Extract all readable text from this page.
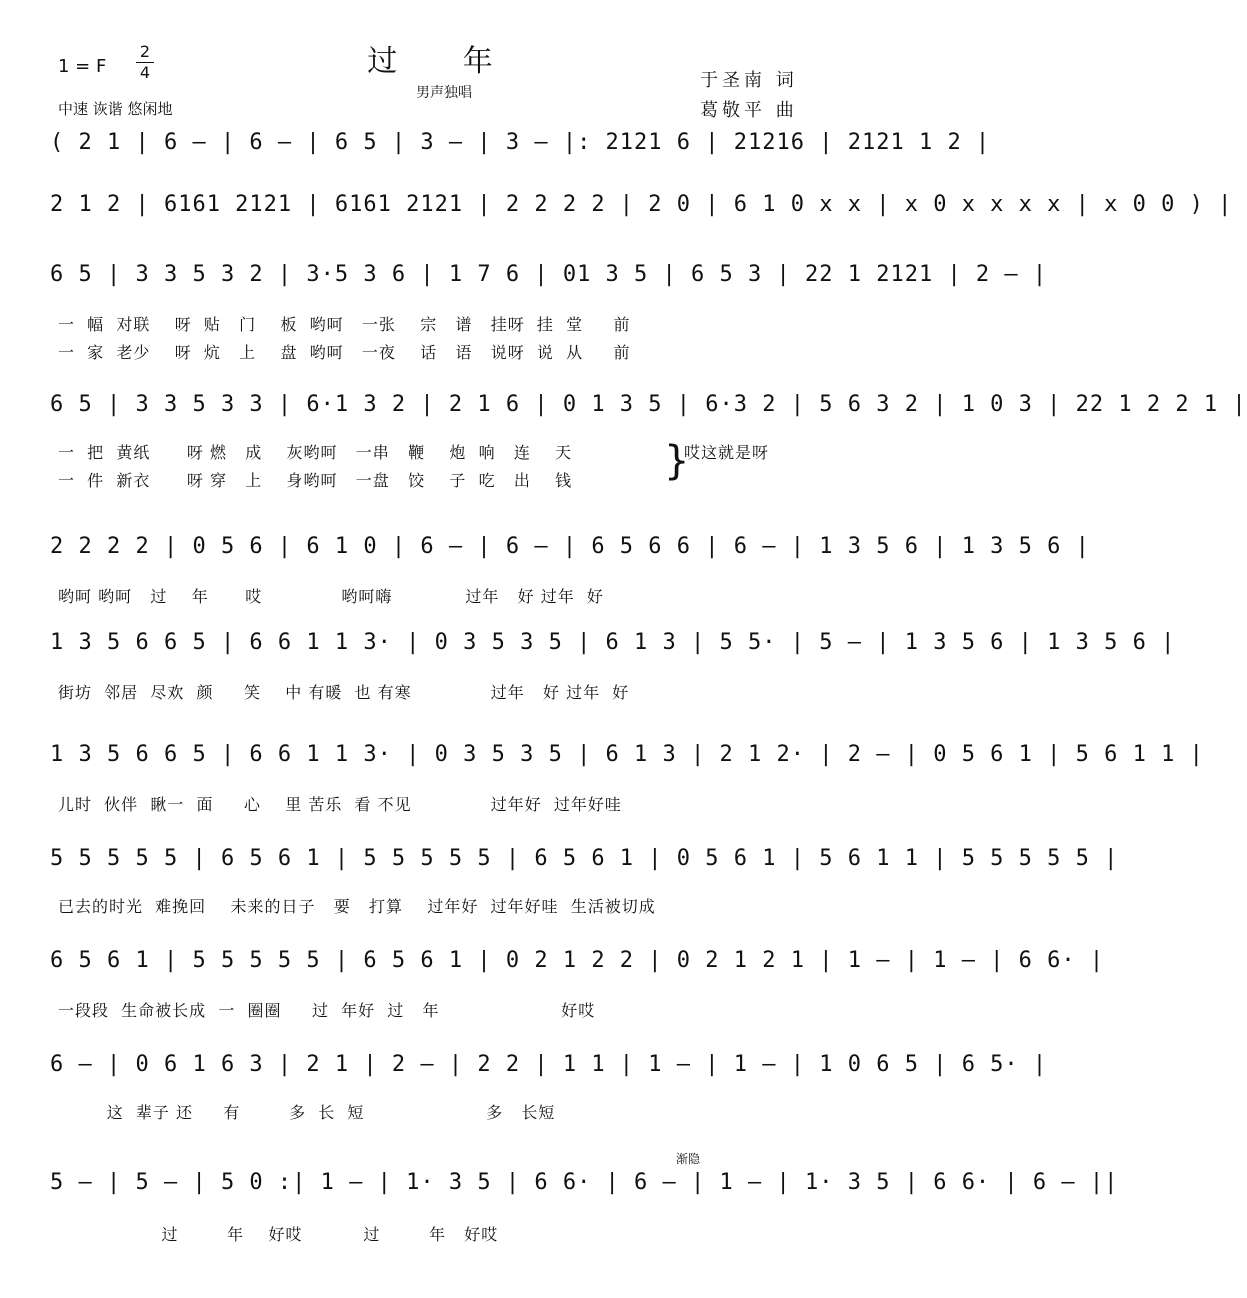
过 年
男声独唱
1 = F
2
4
中速 诙谐 悠闲地
于圣南 词
葛敬平 曲
( 2 1 | 6 — | 6 — | 6 5 | 3 — | 3 — |: 2121 6 | 21216 | 2121 1 2 |
2 1 2 | 6161 2121 | 6161 2121 | 2 2 2 2 | 2 0 | 6 1 0 x x | x 0 x x x x | x 0 0 ) |
6 5 | 3 3 5 3 2 | 3·5 3 6 | 1 7 6 | 01 3 5 | 6 5 3 | 22 1 2121 | 2 — |
一  幅  对联    呀  贴   门    板  哟呵   一张    宗   谱   挂呀  挂  堂     前
一  家  老少    呀  炕   上    盘  哟呵   一夜    话   语   说呀  说  从     前
6 5 | 3 3 5 3 3 | 6·1 3 2 | 2 1 6 | 0 1 3 5 | 6·3 2 | 5 6 3 2 | 1 0 3 | 22 1 2 2 1 |
一  把  黄纸      呀 燃   成    灰哟呵   一串   鞭    炮  响   连    天
一  件  新衣      呀 穿   上    身哟呵   一盘   饺    子  吃   出    钱
2 2 2 2 | 0 5 6 | 6 1 0 | 6 — | 6 — | 6 5 6 6 | 6 — | 1 3 5 6 | 1 3 5 6 |
哟呵 哟呵   过    年      哎             哟呵嗨            过年   好 过年  好
1 3 5 6 6 5 | 6 6 1 1 3· | 0 3 5 3 5 | 6 1 3 | 5 5· | 5 — | 1 3 5 6 | 1 3 5 6 |
街坊  邻居  尽欢  颜     笑    中 有暖  也 有寒             过年   好 过年  好
1 3 5 6 6 5 | 6 6 1 1 3· | 0 3 5 3 5 | 6 1 3 | 2 1 2· | 2 — | 0 5 6 1 | 5 6 1 1 |
儿时  伙伴  瞅一  面     心    里 苦乐  看 不见             过年好  过年好哇
5 5 5 5 5 | 6 5 6 1 | 5 5 5 5 5 | 6 5 6 1 | 0 5 6 1 | 5 6 1 1 | 5 5 5 5 5 |
已去的时光  难挽回    未来的日子   要   打算    过年好  过年好哇  生活被切成
6 5 6 1 | 5 5 5 5 5 | 6 5 6 1 | 0 2 1 2 2 | 0 2 1 2 1 | 1 — | 1 — | 6 6· |
一段段  生命被长成  一  圈圈     过  年好  过   年                    好哎
6 — | 0 6 1 6 3 | 2 1 | 2 — | 2 2 | 1 1 | 1 — | 1 — | 1 0 6 5 | 6 5· |
这  辈子 还     有        多  长  短                    多   长短
5 — | 5 — | 5 0 :| 1 — | 1· 3 5 | 6 6· | 6 — | 1 — | 1· 3 5 | 6 6· | 6 — ||
过        年    好哎          过        年   好哎
哎这就是呀
}
渐隐
